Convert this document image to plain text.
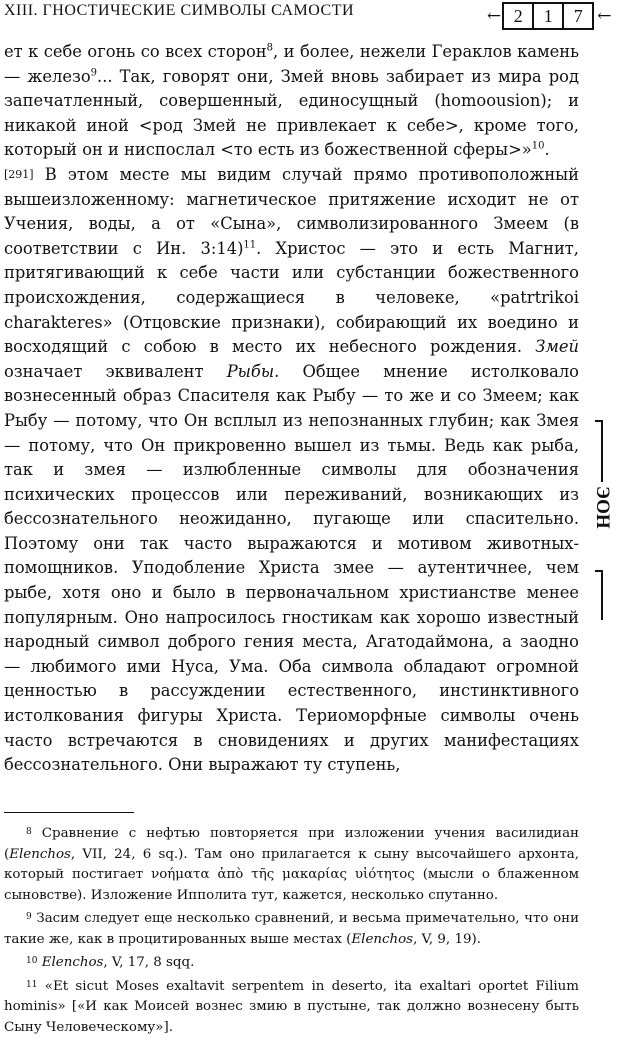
XIII. ГНОСТИЧЕСКИЕ СИМВОЛЫ САМОСТИ	← 2	1	7 ←

ет к себе огонь со всех сторон$^8$, и более, нежели Гераклов камень — железо$^9$... Так, говорят они, Змей вновь забирает из мира род запечатленный, совершенный, единосущный (homoousion); и никакой иной <род Змей не привлекает к себе>, кроме того, который он и ниспослал <то есть из божественной сферы>»$^{10}$.

[291] В этом месте мы видим случай прямо противоположный вышеизложенному: магнетическое притяжение исходит не от Учения, воды, а от «Сына», символизированного Змеем (в соответствии с Ин. 3:14)$^{11}$. Христос — это и есть Магнит, притягивающий к себе части или субстанции божественного происхождения, содержащиеся в человеке, «patrtrikoi charakteres» (Отцовские признаки), собирающий их воедино и восходящий с собою в место их небесного рождения. Змей означает эквивалент Рыбы. Общее мнение истолковало вознесенный образ Спасителя как Рыбу — то же и со Змеем; как Рыбу — потому, что Он всплыл из непознанных глубин; как Змея — потому, что Он прикровенно вышел из тьмы. Ведь как рыба, так и змея — излюбленные символы для обозначения психических процессов или переживаний, возникающих из бессознательного неожиданно, пугающе или спасительно. Поэтому они так часто выражаются и мотивом животных-помощников. Уподобление Христа змее — аутентичнее, чем рыбе, хотя оно и было в первоначальном христианстве менее популярным. Оно напросилось гностикам как хорошо известный народный символ доброго гения места, Агатодаймона, а заодно — любимого ими Нуса, Ума. Оба символа обладают огромной ценностью в рассуждении естественного, инстинктивного истолкования фигуры Христа. Териоморфные символы очень часто встречаются в сновидениях и других манифестациях бессознательного. Они выражают ту ступень,

ЭОН

$^8$ Сравнение с нефтью повторяется при изложении учения василидиан (Elenchos, VII, 24, 6 sq.). Там оно прилагается к сыну высочайшего архонта, который постигает νοήματα ἀπὸ τῆς μακαρίας υἱότητος (мысли о блаженном сыновстве). Изложение Ипполита тут, кажется, несколько спутанно.

$^9$ Засим следует еще несколько сравнений, и весьма примечательно, что они такие же, как в процитированных выше местах (Elenchos, V, 9, 19).

$^{10}$ Elenchos, V, 17, 8 sqq.

$^{11}$ «Et sicut Moses exaltavit serpentem in deserto, ita exaltari oportet Filium hominis» [«И как Моисей вознес змию в пустыне, так должно вознесену быть Сыну Человеческому»].
